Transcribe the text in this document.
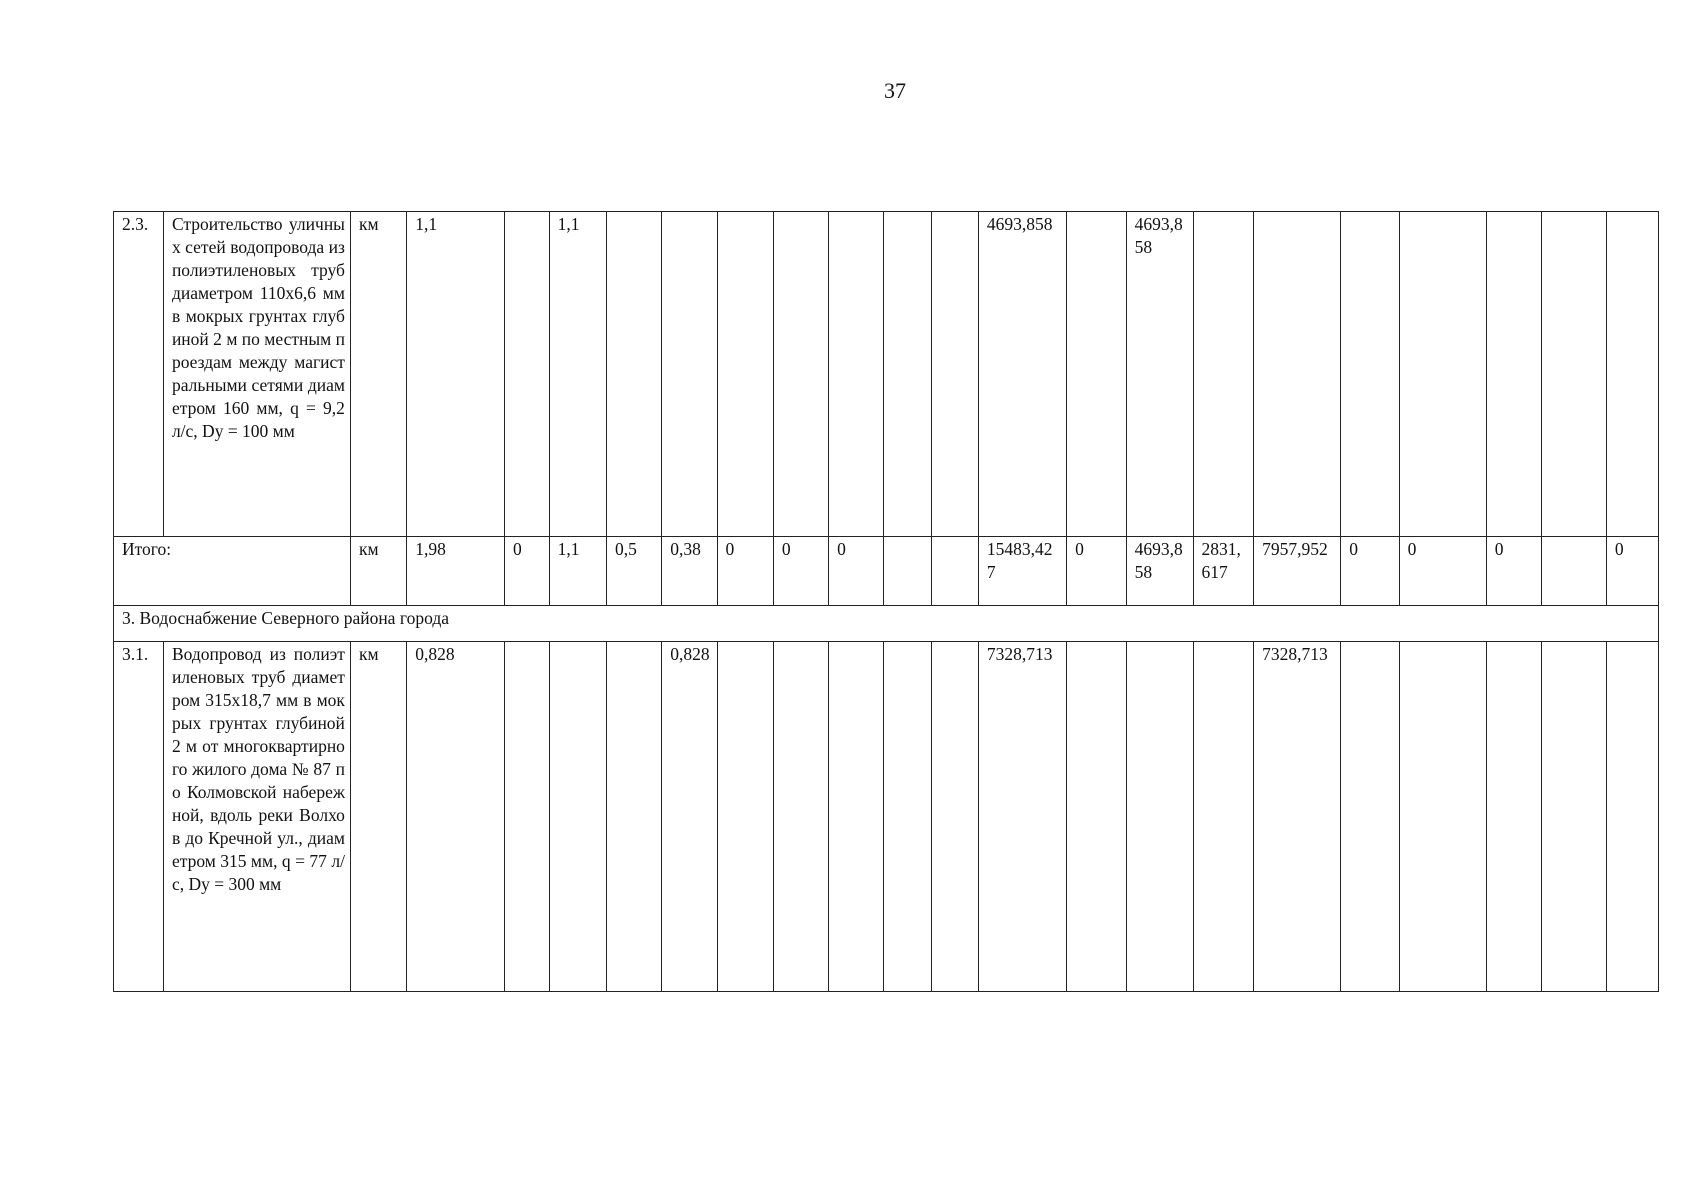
37
2.3.	Строительство уличных сетей водопровода из полиэтиленовых труб диаметром 110х6,6 мм в мокрых грунтах глубиной 2 м по местным проездам между магистральными сетями диаметром 160 мм, q = 9,2 л/с, Dy = 100 мм	км	1,1		1,1								4693,858		4693,858							
Итого:		км	1,98	0	1,1	0,5	0,38	0	0	0			15483,427	0	4693,858	2831,617	7957,952	0	0	0		0
3. Водоснабжение Северного района города																						
3.1.	Водопровод из полиэтиленовых труб диаметром 315х18,7 мм в мокрых грунтах глубиной 2 м от многоквартирного жилого дома № 87 по Колмовской набережной, вдоль реки Волхов до Кречной ул., диаметром 315 мм, q = 77 л/с, Dy = 300 мм	км	0,828				0,828						7328,713				7328,713					
